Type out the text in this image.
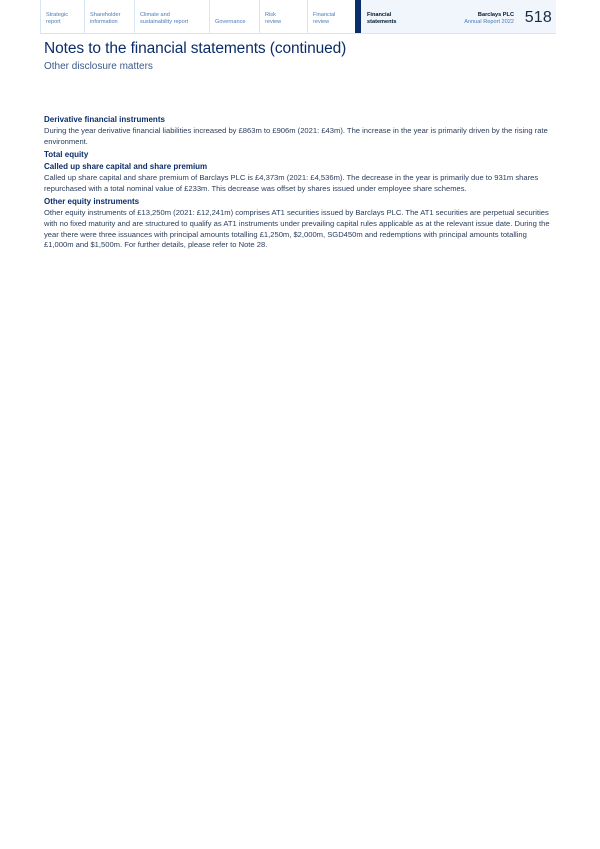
Strategic
report
Shareholder
information
Climate and
sustainability report	Governance
Risk
review
Financial
review
Financial
statements
Barclays PLC
Annual Report 2022 518
Notes to the financial statements (continued)
Other disclosure matters
Derivative financial instruments

During the year derivative financial liabilities increased by £863m to £906m (2021: £43m). The increase in the year is primarily driven by the rising rate environment.

Total equity
Called up share capital and share premium

Called up share capital and share premium of Barclays PLC is £4,373m (2021: £4,536m). The decrease in the year is primarily due to 931m shares repurchased with a total nominal value of £233m. This decrease was offset by shares issued under employee share schemes.

Other equity instruments

Other equity instruments of £13,250m (2021: £12,241m) comprises AT1 securities issued by Barclays PLC. The AT1 securities are perpetual securities with no fixed maturity and are structured to qualify as AT1 instruments under prevailing capital rules applicable as at the relevant issue date. During the year there were three issuances with principal amounts totalling £1,250m, $2,000m, SGD450m and redemptions with principal amounts totalling £1,000m and $1,500m. For further details, please refer to Note 28.
